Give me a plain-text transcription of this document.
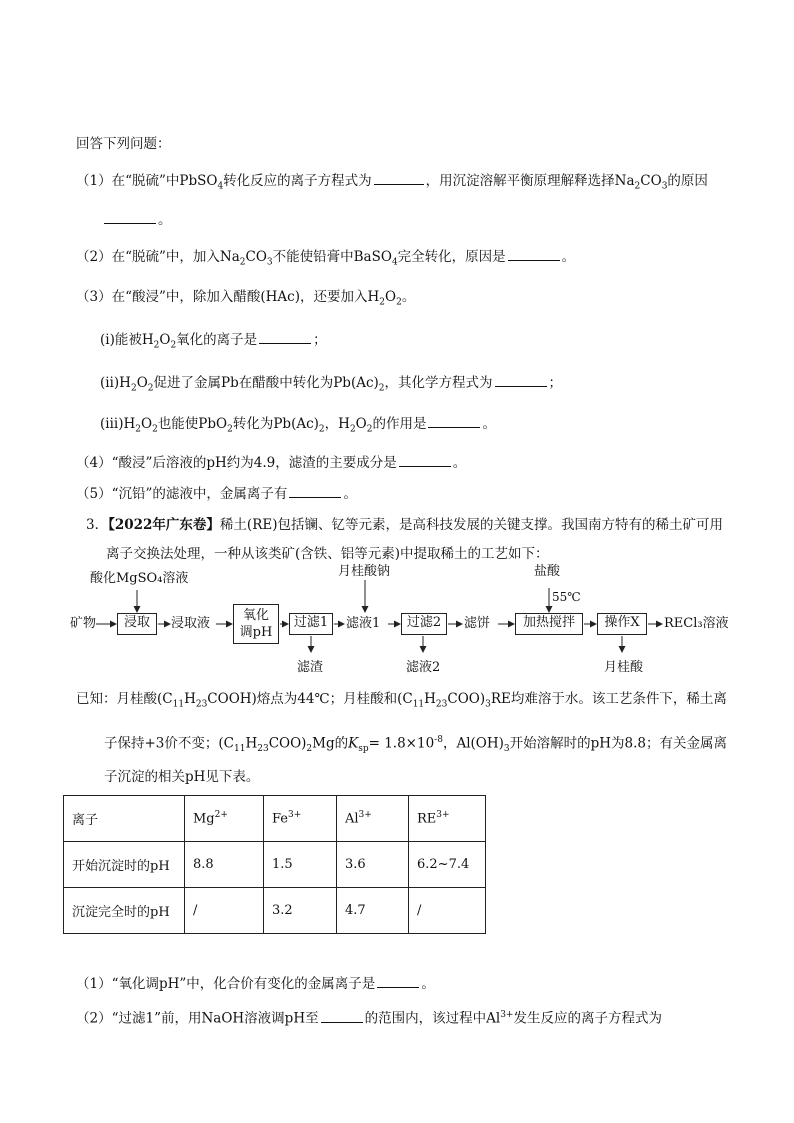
回答下列问题：
（1）在“脱硫”中PbSO$_4$转化反应的离子方程式为	，用沉淀溶解平衡原理解释选择$Na_2CO_3$的原因
。
（2）在“脱硫”中，加入$Na_2CO_3$不能使铅膏中BaSO$_4$完全转化，原因是	。
（3）在“酸浸”中，除加入醋酸(HAc)，还要加入$H_2O_2$。
(ⅰ)能被$H_2O_2$氧化的离子是	；
$(ⅱ)H_2O_2$促进了金属Pb在醋酸中转化为$Pb(Ac)_2$，其化学方程式为	；
$(ⅲ)H_2O_2$也能使PbO$_2$转化为$Pb(Ac)_2$，$H_2O_2$的作用是	。
（4）“酸浸”后溶液的pH约为4.9，滤渣的主要成分是	。
（5）“沉铅”的滤液中，金属离子有	。
3．【2022年广东卷】稀土(RE)包括镧、钇等元素，是高科技发展的关键支撑。我国南方特有的稀土矿可用
离子交换法处理，一种从该类矿(含铁、铝等元素)中提取稀土的工艺如下：
酸化MgSO₄溶液	月桂酸钠	盐酸
55℃
矿物	浸取	浸取液
氧化
调pH
过滤1	滤液1	过滤2	滤饼	加热搅拌	操作X	RECl₃溶液
滤渣	滤液2	月桂酸
已知：月桂酸$(C_{11}H_{23}COOH)$熔点为44℃；月桂酸和$(C_{11}H_{23}COO)_3RE$均难溶于水。该工艺条件下，稀土离
子保持+3价不变；$(C_{11}H_{23}COO)_2Mg$的$K_{sp}= 1.8\times 10^{-8}$，$Al(OH)_3$开始溶解时的pH为8.8；有关金属离
子沉淀的相关pH见下表。
离子	$Mg^{2+}$	$Fe^{3+}$	$Al^{3+}$	$RE^{3+}$
开始沉淀时的pH	8.8	1.5	3.6	6.2~7.4
沉淀完全时的pH	/	3.2	4.7	/
（1）“氧化调pH”中，化合价有变化的金属离子是	。
（2）“过滤1”前，用NaOH溶液调pH至	的范围内，该过程中$Al^{3+}$发生反应的离子方程式为
